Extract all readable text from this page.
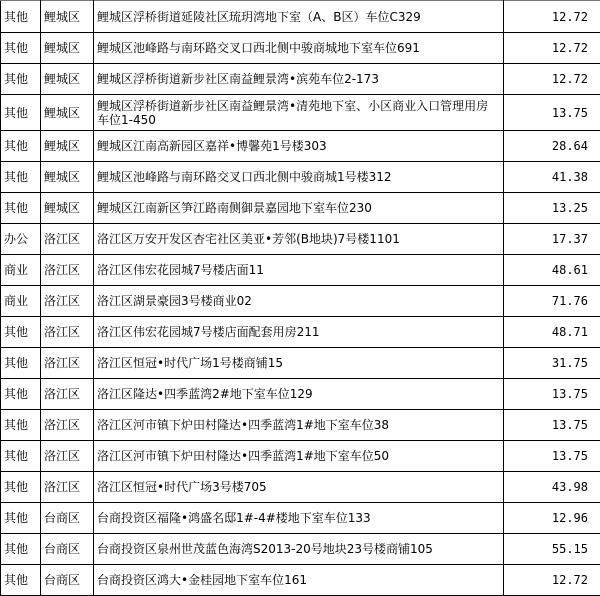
其他	鲤城区	鲤城区浮桥街道延陵社区琉玥湾地下室（A、B区）车位C329	12.72
其他	鲤城区	鲤城区池峰路与南环路交叉口西北侧中骏商城地下室车位691	12.72
其他	鲤城区	鲤城区浮桥街道新步社区南益鲤景湾•滨苑车位2-173	12.72
其他	鲤城区	鲤城区浮桥街道新步社区南益鲤景湾•清苑地下室、小区商业入口管理用房车位1-450	13.75
其他	鲤城区	鲤城区江南高新园区嘉祥•博馨苑1号楼303	28.64
其他	鲤城区	鲤城区池峰路与南环路交叉口西北侧中骏商城1号楼312	41.38
其他	鲤城区	鲤城区江南新区笋江路南侧御景嘉园地下室车位230	13.25
办公	洛江区	洛江区万安开发区杏宅社区美亚•芳邻(B地块)7号楼1101	17.37
商业	洛江区	洛江区伟宏花园城7号楼店面11	48.61
商业	洛江区	洛江区湖景豪园3号楼商业02	71.76
其他	洛江区	洛江区伟宏花园城7号楼店面配套用房211	48.71
其他	洛江区	洛江区恒冠•时代广场1号楼商铺15	31.75
其他	洛江区	洛江区隆达•四季蓝湾2#地下室车位129	13.75
其他	洛江区	洛江区河市镇下炉田村隆达•四季蓝湾1#地下室车位38	13.75
其他	洛江区	洛江区河市镇下炉田村隆达•四季蓝湾1#地下室车位50	13.75
其他	洛江区	洛江区恒冠•时代广场3号楼705	43.98
其他	台商区	台商投资区福隆•鸿盛名邸1#-4#楼地下室车位133	12.96
其他	台商区	台商投资区泉州世茂蓝色海湾S2013-20号地块23号楼商铺105	55.15
其他	台商区	台商投资区鸿大•金桂园地下室车位161	12.72
